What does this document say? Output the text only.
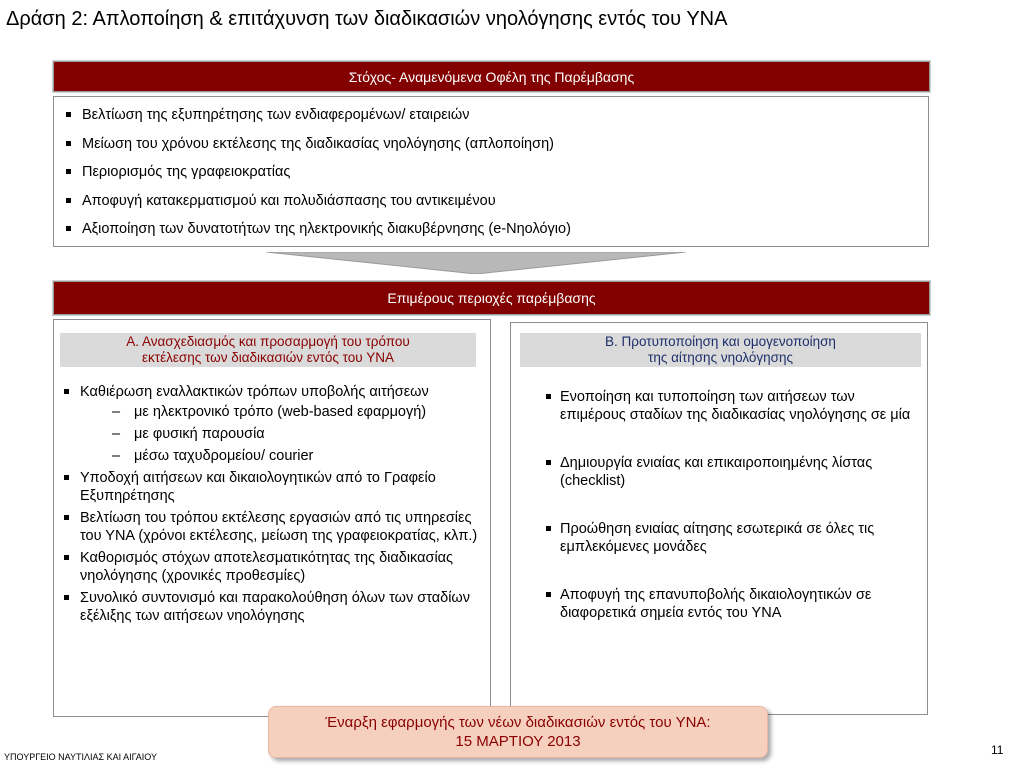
Δράση 2: Απλοποίηση & επιτάχυνση των διαδικασιών νηολόγησης εντός του ΥΝΑ
Στόχος- Αναμενόμενα Οφέλη της Παρέμβασης
Βελτίωση της εξυπηρέτησης των ενδιαφερομένων/ εταιρειών
Μείωση του χρόνου εκτέλεσης της διαδικασίας νηολόγησης (απλοποίηση)
Περιορισμός της γραφειοκρατίας
Αποφυγή κατακερματισμού και πολυδιάσπασης του αντικειμένου
Αξιοποίηση των δυνατοτήτων της ηλεκτρονικής διακυβέρνησης (e-Νηολόγιο)
Επιμέρους περιοχές παρέμβασης
Α. Ανασχεδιασμός και προσαρμογή του τρόπου
εκτέλεσης των διαδικασιών εντός του ΥΝΑ
Καθιέρωση εναλλακτικών τρόπων υποβολής αιτήσεων
– με ηλεκτρονικό τρόπο (web-based εφαρμογή)
– με φυσική παρουσία
– μέσω ταχυδρομείου/ courier
Υποδοχή αιτήσεων και δικαιολογητικών από το Γραφείο Εξυπηρέτησης
Βελτίωση του τρόπου εκτέλεσης εργασιών από τις υπηρεσίες του ΥΝΑ (χρόνοι εκτέλεσης, μείωση της γραφειοκρατίας, κλπ.)
Καθορισμός στόχων αποτελεσματικότητας της διαδικασίας νηολόγησης (χρονικές προθεσμίες)
Συνολικό συντονισμό και παρακολούθηση όλων των σταδίων εξέλιξης των αιτήσεων νηολόγησης
Β. Προτυποποίηση και ομογενοποίηση
της αίτησης νηολόγησης
Ενοποίηση και τυποποίηση των αιτήσεων των επιμέρους σταδίων της διαδικασίας νηολόγησης σε μία
Δημιουργία ενιαίας και επικαιροποιημένης λίστας (checklist)
Προώθηση ενιαίας αίτησης εσωτερικά σε όλες τις εμπλεκόμενες μονάδες
Αποφυγή της επανυποβολής δικαιολογητικών σε διαφορετικά σημεία εντός του ΥΝΑ
Έναρξη εφαρμογής των νέων διαδικασιών εντός του ΥΝΑ:
15 ΜΑΡΤΙΟΥ 2013
ΥΠΟΥΡΓΕΙΟ ΝΑΥΤΙΛΙΑΣ ΚΑΙ ΑΙΓΑΙΟΥ	11
